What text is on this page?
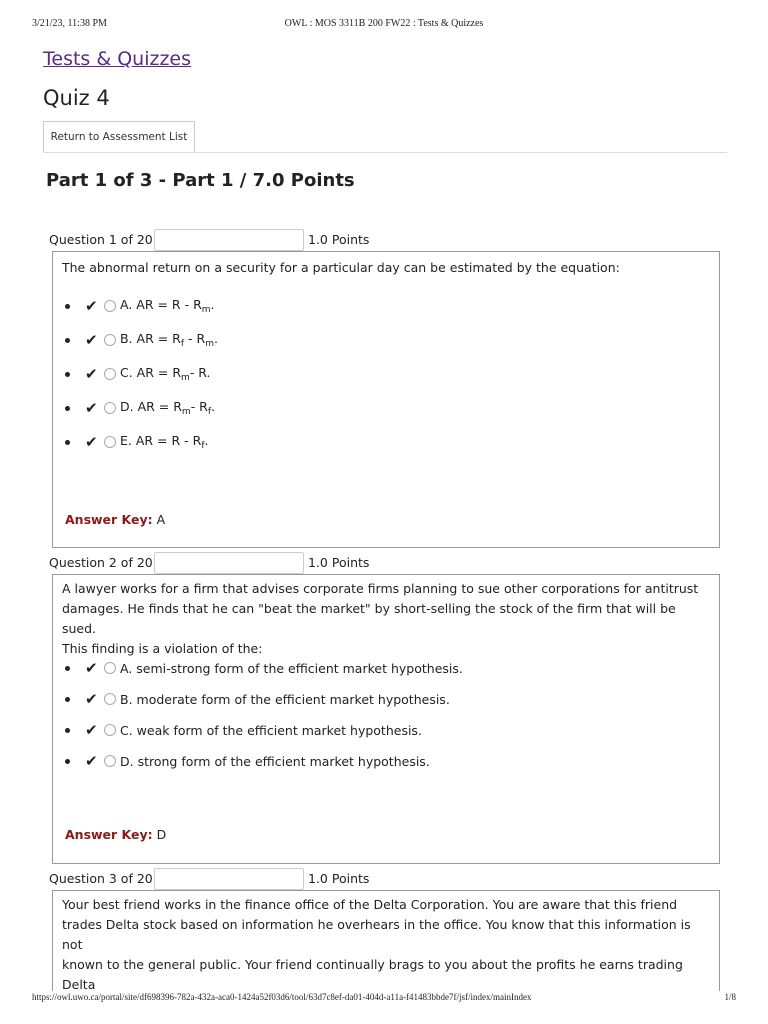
3/21/23, 11:38 PM	OWL : MOS 3311B 200 FW22 : Tests & Quizzes
Tests & Quizzes
Quiz 4
Return to Assessment List
Part 1 of 3 - Part 1 / 7.0 Points
Question 1 of 20	1.0 Points
The abnormal return on a security for a particular day can be estimated by the equation:
✔	A. AR = R - $R_m$.
✔	B. AR = $R_f - R_m$.
✔	C. AR = $R_m-$ R.
✔	D. AR = $R_m-$ $R_f$.
✔	E. AR = R - $R_f$.
Answer Key: A
Question 2 of 20	1.0 Points
A lawyer works for a firm that advises corporate firms planning to sue other corporations for antitrust
damages. He finds that he can "beat the market" by short-selling the stock of the firm that will be sued.
This finding is a violation of the:
✔	A. semi-strong form of the efficient market hypothesis.
✔	B. moderate form of the efficient market hypothesis.
✔	C. weak form of the efficient market hypothesis.
✔	D. strong form of the efficient market hypothesis.
Answer Key: D
Question 3 of 20	1.0 Points
Your best friend works in the finance office of the Delta Corporation. You are aware that this friend
trades Delta stock based on information he overhears in the office. You know that this information is not
known to the general public. Your friend continually brags to you about the profits he earns trading Delta
https://owl.uwo.ca/portal/site/df698396-782a-432a-aca0-1424a52f03d6/tool/63d7c8ef-da01-404d-a11a-f41483bbde7f/jsf/index/mainIndex	1/8
